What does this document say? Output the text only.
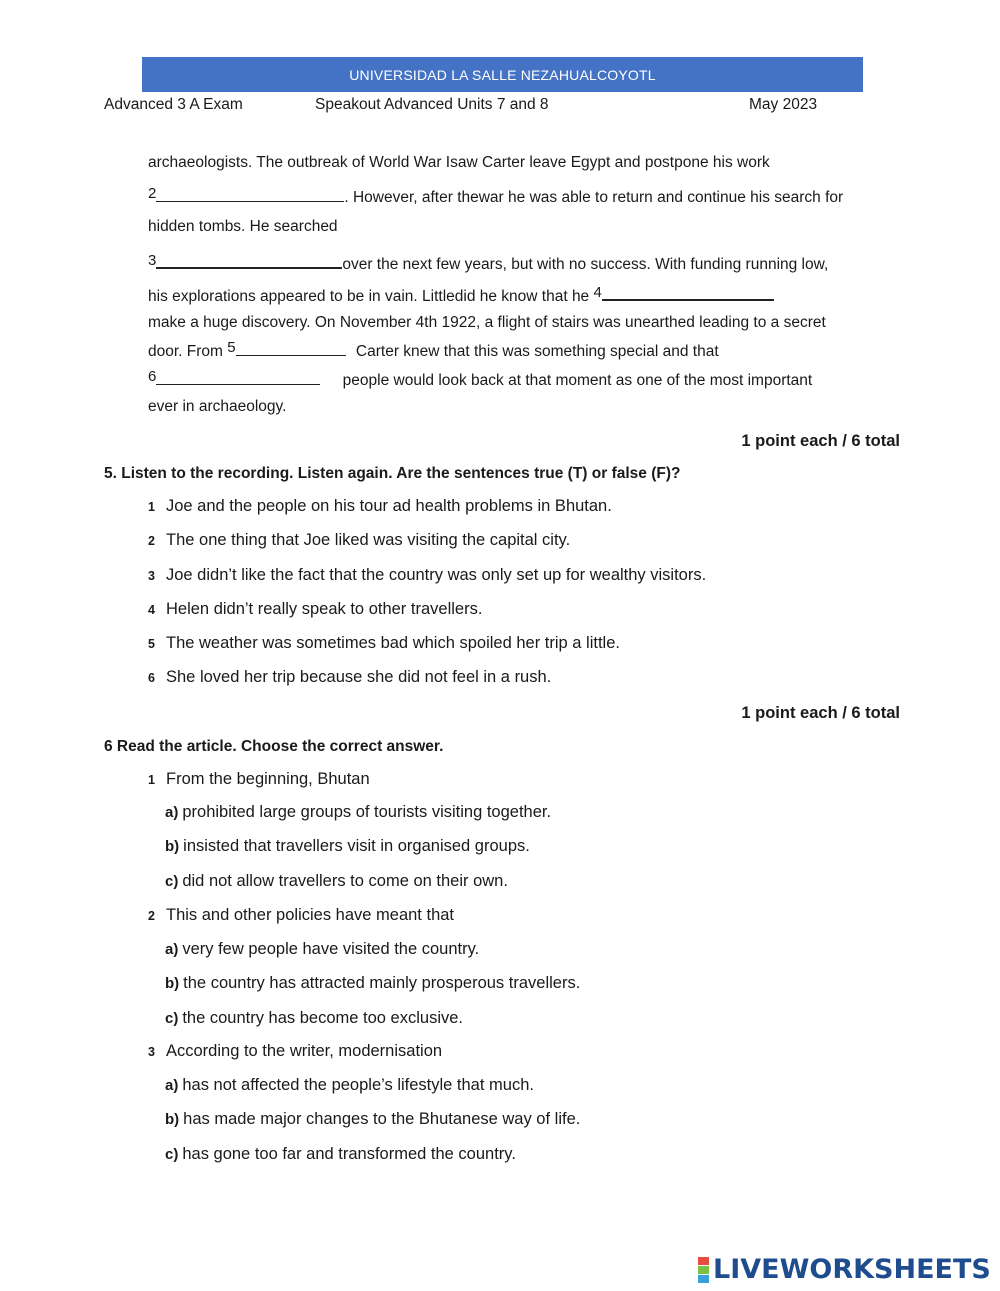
UNIVERSIDAD LA SALLE NEZAHUALCOYOTL
Advanced 3 A Exam	Speakout Advanced Units 7 and 8	May 2023
archaeologists. The outbreak of World War Isaw Carter leave Egypt and postpone his work
2	. However, after thewar he was able to return and continue his search for
hidden tombs. He searched
3	over the next few years, but with no success. With funding running low,
his explorations appeared to be in vain. Littledid he know that he 4
make a huge discovery. On November 4th 1922, a flight of stairs was unearthed leading to a secret
door. From 5	Carter knew that this was something special and that
6	people would look back at that moment as one of the most important
ever in archaeology.
1 point each / 6 total
5. Listen to the recording. Listen again. Are the sentences true (T) or false (F)?
1 Joe and the people on his tour ad health problems in Bhutan.
2 The one thing that Joe liked was visiting the capital city.
3 Joe didn’t like the fact that the country was only set up for wealthy visitors.
4 Helen didn’t really speak to other travellers.
5 The weather was sometimes bad which spoiled her trip a little.
6 She loved her trip because she did not feel in a rush.
1 point each / 6 total
6 Read the article. Choose the correct answer.
1 From the beginning, Bhutan
a) prohibited large groups of tourists visiting together.
b) insisted that travellers visit in organised groups.
c) did not allow travellers to come on their own.
2 This and other policies have meant that
a) very few people have visited the country.
b) the country has attracted mainly prosperous travellers.
c) the country has become too exclusive.
3 According to the writer, modernisation
a) has not affected the people’s lifestyle that much.
b) has made major changes to the Bhutanese way of life.
c) has gone too far and transformed the country.
LIVEWORKSHEETS
